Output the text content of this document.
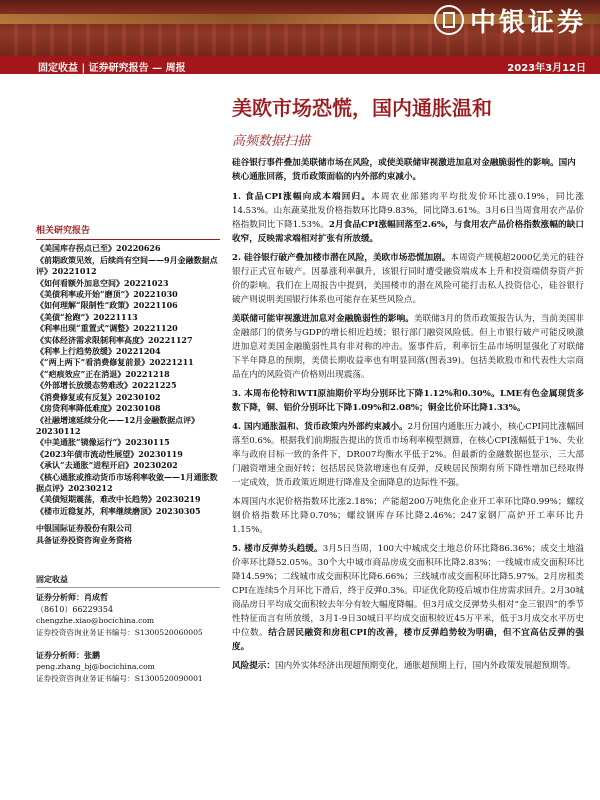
中银证券
固定收益 | 证券研究报告 — 周报	2023年3月12日
美欧市场恐慌，国内通胀温和
高频数据扫描
硅谷银行事件叠加美联储市场在风险，或使美联储审视激进加息对金融脆弱性的影响。国内核心通胀回落，货币政策面临的内外部约束减小。

1. 食品CPI涨幅向成本端回归。本周农业部猪肉平均批发价环比涨0.19%，同比涨14.53%。山东蔬菜批发价格指数环比降9.83%，同比降3.61%。3月6日当周食用农产品价格指数同比下降1.53%。2月食品CPI涨幅回落至2.6%，与食用农产品价格指数涨幅的缺口收窄，反映需求端相对扩张有所放缓。

2. 硅谷银行破产叠加楼市潜在风险，美欧市场恐慌加剧。本周资产规模超2000亿美元的硅谷银行正式宣布破产。因暴涨利率飙升，该银行同时遭受融资端成本上升和投资端债券资产折价的影响。我们在上周报告中提到，美国楼市的潜在风险可能打击私人投资信心，硅谷银行破产则说明美国银行体系也可能存在某些风险点。

美联储可能审视激进加息对金融脆弱性的影响。美联储3月的货币政策报告认为，当前美国非金融部门的债务与GDP的增长相近趋缓；银行部门融资风险低。但上市银行破产可能反映激进加息对美国金融脆弱性具有非对称的冲击。鉴事件后，利率衍生品市场明显强化了对联储下半年降息的预期，美债长期收益率也有明显回落(图表39)。包括美欧股市和代表性大宗商品在内的风险资产价格则出现震荡。

3. 本周布伦特和WTI原油期价平均分别环比下降1.12%和0.30%。LME有色金属现货多数下降，铜、铝价分别环比下降1.09%和2.08%；铜金比价环比降1.33%。

4. 国内通胀温和、货币政策内外部约束减小。2月份国内通胀压力减小，核心CPI同比涨幅回落至0.6%。根据我们前期报告提出的货币市场利率模型测算，在核心CPI涨幅低于1%、失业率与政府目标一致的条件下，DR007均衡水平低于2%。但最新的金融数据也显示，三大部门融资增速全面好转；包括居民贷款增速也有反弹，反映居民预期有所下降性增加已经取得一定成效，货币政策近期进行降准及全面降息的边际性不强。

本周国内水泥价格指数环比涨2.18%；产能超200万吨焦化企业开工率环比降0.99%；螺纹钢价格指数环比降0.70%；螺纹钢库存环比降2.46%；247家钢厂高炉开工率环比升1.15%。

5. 楼市反弹势头趋缓。3月5日当周，100大中城成交土地总价环比降86.36%；成交土地溢价率环比降52.05%。30个大中城市商品房成交面积环比降2.83%；一线城市成交面积环比降14.59%；二线城市成交面积环比降6.66%；三线城市成交面积环比降5.97%。2月房租类CPI在连续5个月环比下滑后，终于反弹0.3%。印证优化防疫后城市住房需求回升。2月30城商品房日平均成交面积较去年分有较大幅度降幅。但3月成交反弹势头相对“金三银四”的季节性特征而言有所放缓，3月1-9日30城日平均成交面积较近45万平米，低于3月成交水平历史中位数。结合居民融资和房租CPI的改善，楼市反弹趋势较为明确，但不宜高估反弹的强度。

风险提示：国内外实体经济出现超预期变化，通胀超预期上行，国内外政策发展超预期等。

相关研究报告
《美国库存拐点已至》20220626
《前期政策见效，后续尚有空间——9月金融数据点评》20221012
《如何看额外加息空间》20221023
《美债利率或开始“磨顶”》20221030
《如何理解“限制性”政策》20221106
《美债“抢跑”》20221113
《利率出现“重置式”调整》20221120
《实体经济需求限制利率高度》20221127
《利率上行趋势放缓》20221204
《“两上两下”看消费修复前景》20221211
《“疤痕效应”正在消退》20221218
《外部增长放缓态势难改》20221225
《消费修复或有反复》20230102
《房贷利率降低难度》20230108
《社融增速延续分化——12月金融数据点评》20230112
《中美通胀“镜像运行”》20230115
《2023年债市流动性展望》20230119
《承认“去通胀”进程开启》20230202
《核心通胀或推动货币市场利率收敛——1月通胀数据点评》20230212
《美债短期震荡，难改中长趋势》20230219
《楼市近稳复苏，利率继续磨顶》20230305
中银国际证券股份有限公司
具备证券投资咨询业务资格
固定收益
证券分析师：肖成哲
（8610）66229354
chengzhe.xiao@bocichina.com
证券投资咨询业务证书编号：S1300520060005
证券分析师：张鹏
peng.zhang_bj@bocichina.com
证券投资咨询业务证书编号：S1300520090001
